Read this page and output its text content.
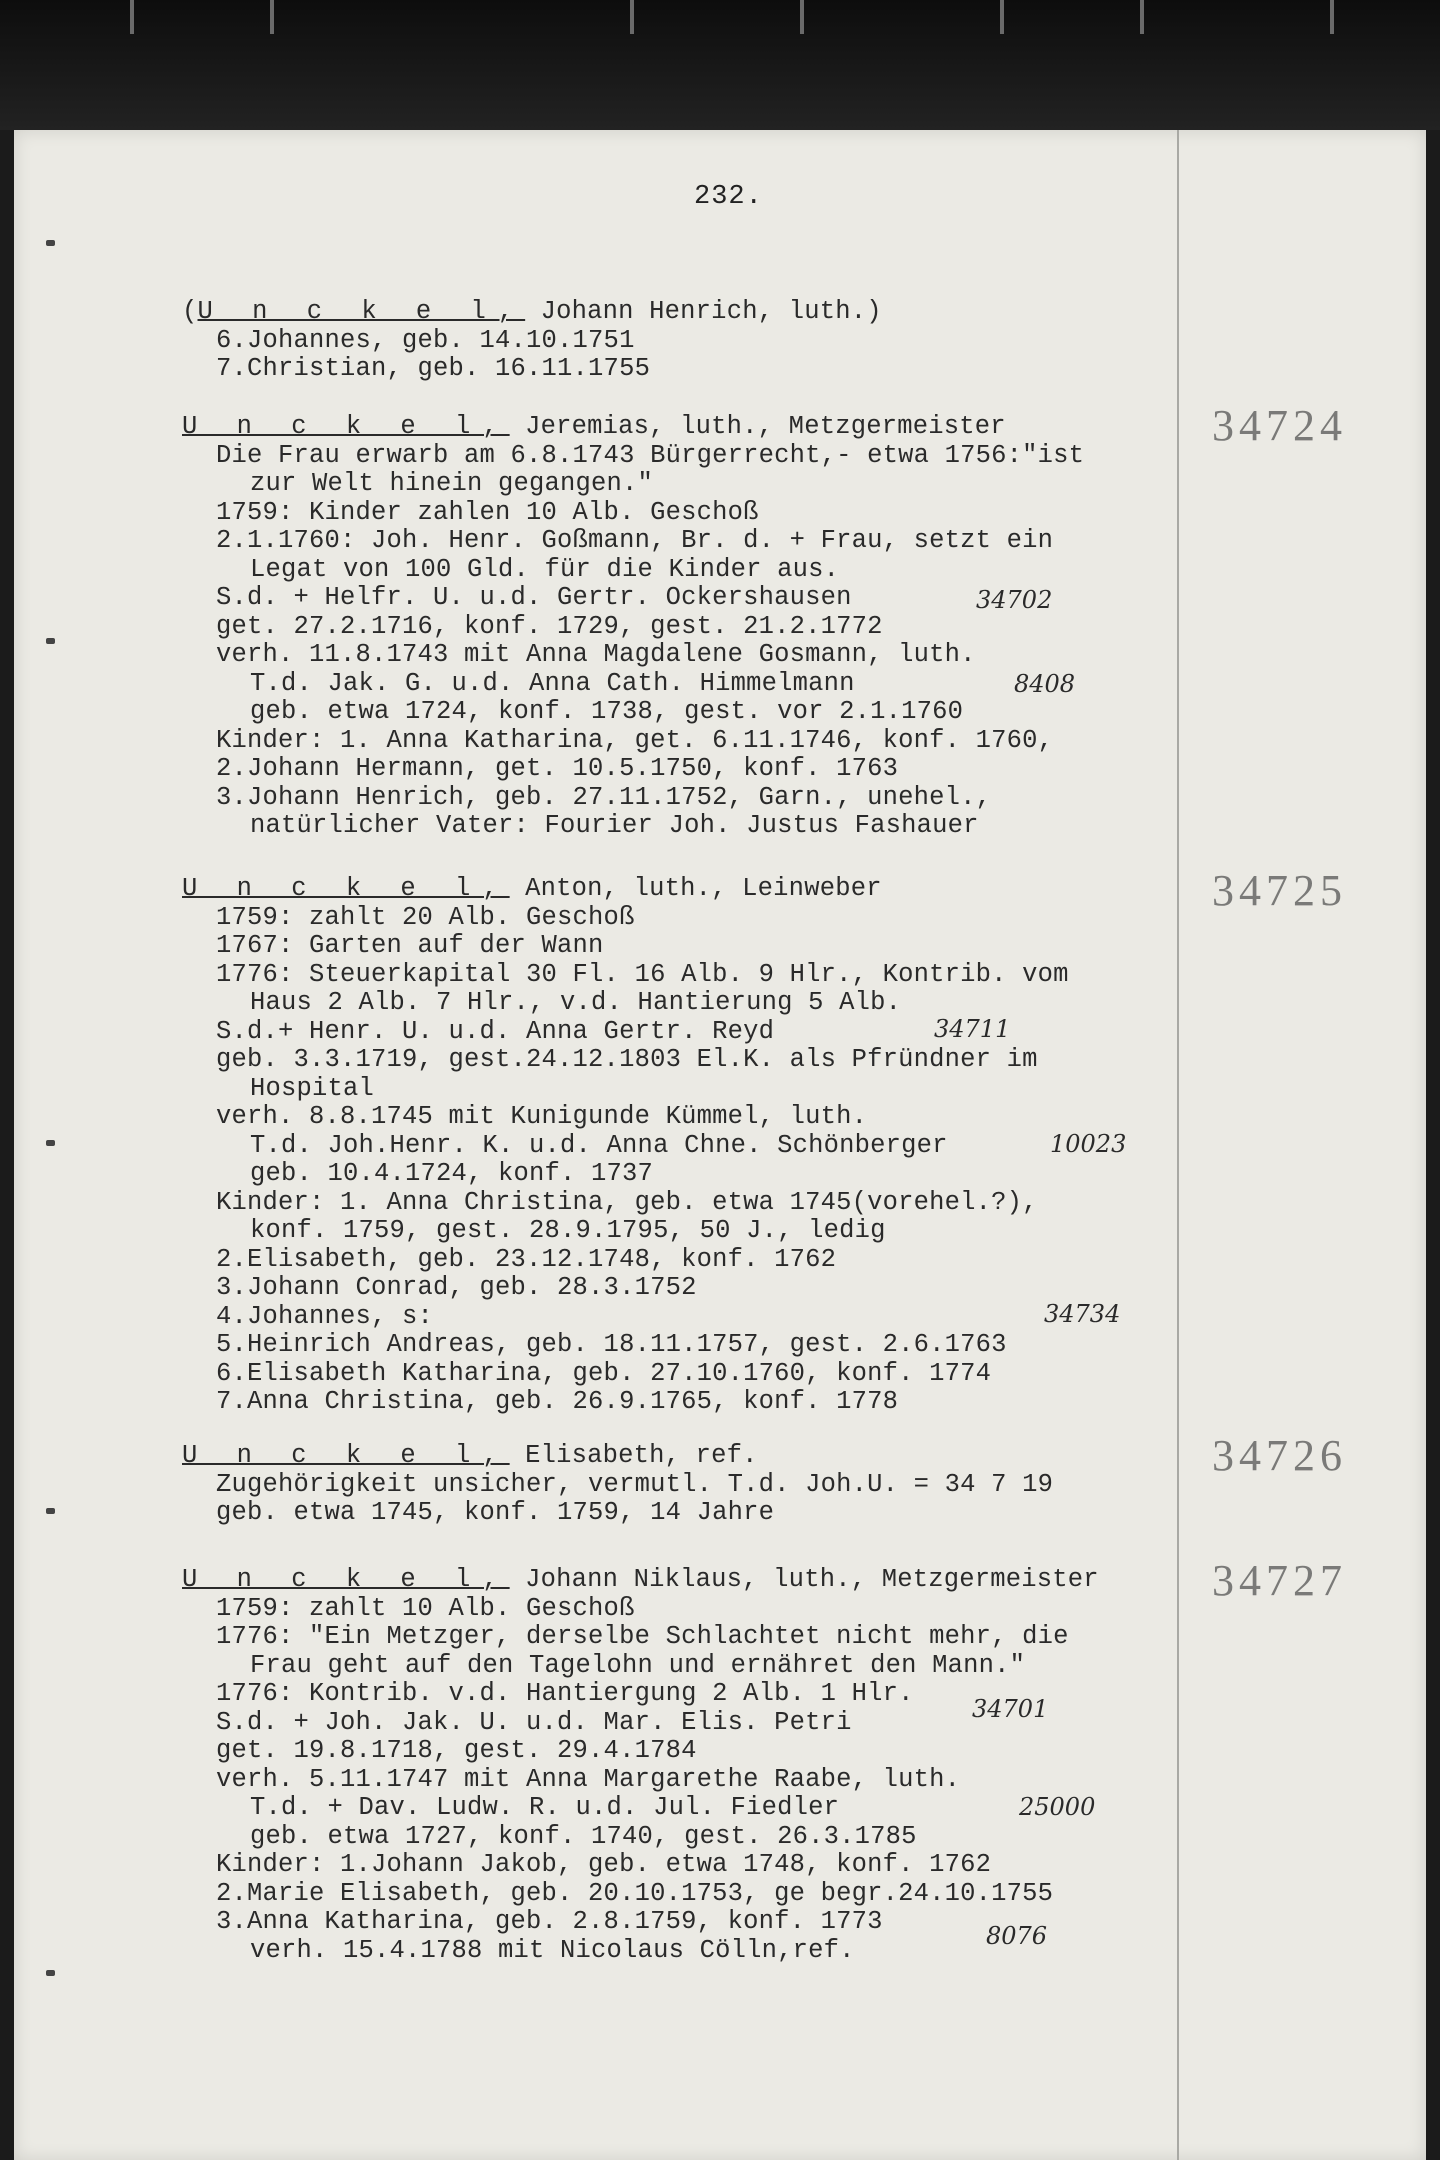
232.
(U n c k e l, Johann Henrich, luth.)
6.Johannes, geb. 14.10.1751
7.Christian, geb. 16.11.1755
34724
U n c k e l, Jeremias, luth., Metzgermeister
Die Frau erwarb am 6.8.1743 Bürgerrecht,- etwa 1756:"ist
zur Welt hinein gegangen."
1759: Kinder zahlen 10 Alb. Geschoß
2.1.1760: Joh. Henr. Goßmann, Br. d. + Frau, setzt ein
Legat von 100 Gld. für die Kinder aus.
S.d. + Helfr. U. u.d. Gertr. Ockershausen
get. 27.2.1716, konf. 1729, gest. 21.2.1772
verh. 11.8.1743 mit Anna Magdalene Gosmann, luth.
T.d. Jak. G. u.d. Anna Cath. Himmelmann
geb. etwa 1724, konf. 1738, gest. vor 2.1.1760
Kinder: 1. Anna Katharina, get. 6.11.1746, konf. 1760,
2.Johann Hermann, get. 10.5.1750, konf. 1763
3.Johann Henrich, geb. 27.11.1752, Garn., unehel.,
natürlicher Vater: Fourier Joh. Justus Fashauer
34702
8408
34725
U n c k e l, Anton, luth., Leinweber
1759: zahlt 20 Alb. Geschoß
1767: Garten auf der Wann
1776: Steuerkapital 30 Fl. 16 Alb. 9 Hlr., Kontrib. vom
Haus 2 Alb. 7 Hlr., v.d. Hantierung 5 Alb.
S.d.+ Henr. U. u.d. Anna Gertr. Reyd
geb. 3.3.1719, gest.24.12.1803 El.K. als Pfründner im
Hospital
verh. 8.8.1745 mit Kunigunde Kümmel, luth.
T.d. Joh.Henr. K. u.d. Anna Chne. Schönberger
geb. 10.4.1724, konf. 1737
Kinder: 1. Anna Christina, geb. etwa 1745(vorehel.?),
konf. 1759, gest. 28.9.1795, 50 J., ledig
2.Elisabeth, geb. 23.12.1748, konf. 1762
3.Johann Conrad, geb. 28.3.1752
4.Johannes, s:
5.Heinrich Andreas, geb. 18.11.1757, gest. 2.6.1763
6.Elisabeth Katharina, geb. 27.10.1760, konf. 1774
7.Anna Christina, geb. 26.9.1765, konf. 1778
34711
10023
34734
34726
U n c k e l, Elisabeth, ref.
Zugehörigkeit unsicher, vermutl. T.d. Joh.U. = 34 7 19
geb. etwa 1745, konf. 1759, 14 Jahre
34727
U n c k e l, Johann Niklaus, luth., Metzgermeister
1759: zahlt 10 Alb. Geschoß
1776: "Ein Metzger, derselbe Schlachtet nicht mehr, die
Frau geht auf den Tagelohn und ernähret den Mann."
1776: Kontrib. v.d. Hantiergung 2 Alb. 1 Hlr.
S.d. + Joh. Jak. U. u.d. Mar. Elis. Petri
get. 19.8.1718, gest. 29.4.1784
verh. 5.11.1747 mit Anna Margarethe Raabe, luth.
T.d. + Dav. Ludw. R. u.d. Jul. Fiedler
geb. etwa 1727, konf. 1740, gest. 26.3.1785
Kinder: 1.Johann Jakob, geb. etwa 1748, konf. 1762
2.Marie Elisabeth, geb. 20.10.1753, ge begr.24.10.1755
3.Anna Katharina, geb. 2.8.1759, konf. 1773
verh. 15.4.1788 mit Nicolaus Cölln,ref.
34701
25000
8076
